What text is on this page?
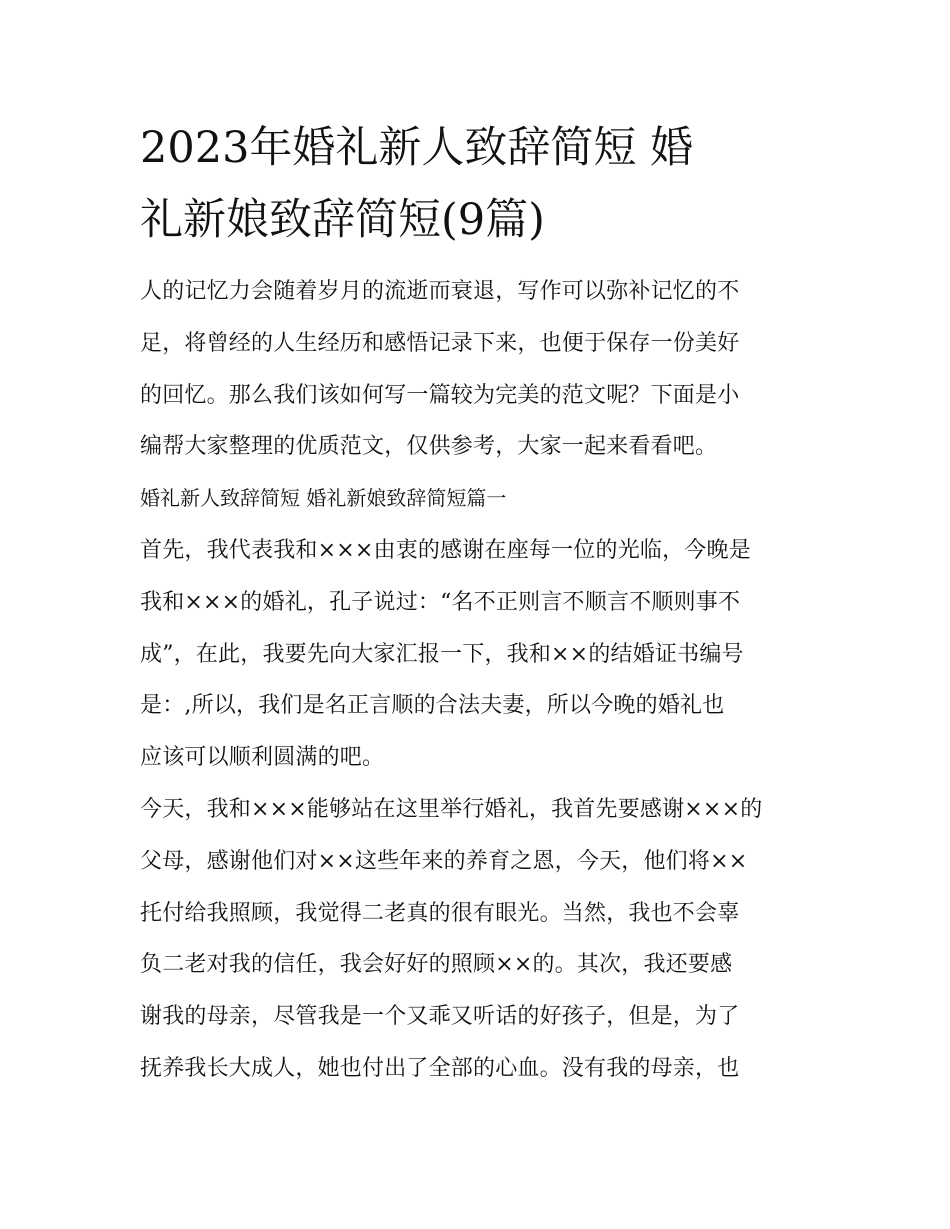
2023年婚礼新人致辞简短 婚
礼新娘致辞简短(9篇)

人的记忆力会随着岁月的流逝而衰退，写作可以弥补记忆的不
足，将曾经的人生经历和感悟记录下来，也便于保存一份美好
的回忆。那么我们该如何写一篇较为完美的范文呢？下面是小
编帮大家整理的优质范文，仅供参考，大家一起来看看吧。

婚礼新人致辞简短 婚礼新娘致辞简短篇一

首先，我代表我和×××由衷的感谢在座每一位的光临，今晚是
我和×××的婚礼，孔子说过：“名不正则言不顺言不顺则事不
成”，在此，我要先向大家汇报一下，我和××的结婚证书编号
是：,所以，我们是名正言顺的合法夫妻，所以今晚的婚礼也
应该可以顺利圆满的吧。

今天，我和×××能够站在这里举行婚礼，我首先要感谢×××的
父母，感谢他们对××这些年来的养育之恩，今天，他们将××
托付给我照顾，我觉得二老真的很有眼光。当然，我也不会辜
负二老对我的信任，我会好好的照顾××的。其次，我还要感
谢我的母亲，尽管我是一个又乖又听话的好孩子，但是，为了
抚养我长大成人，她也付出了全部的心血。没有我的母亲，也
